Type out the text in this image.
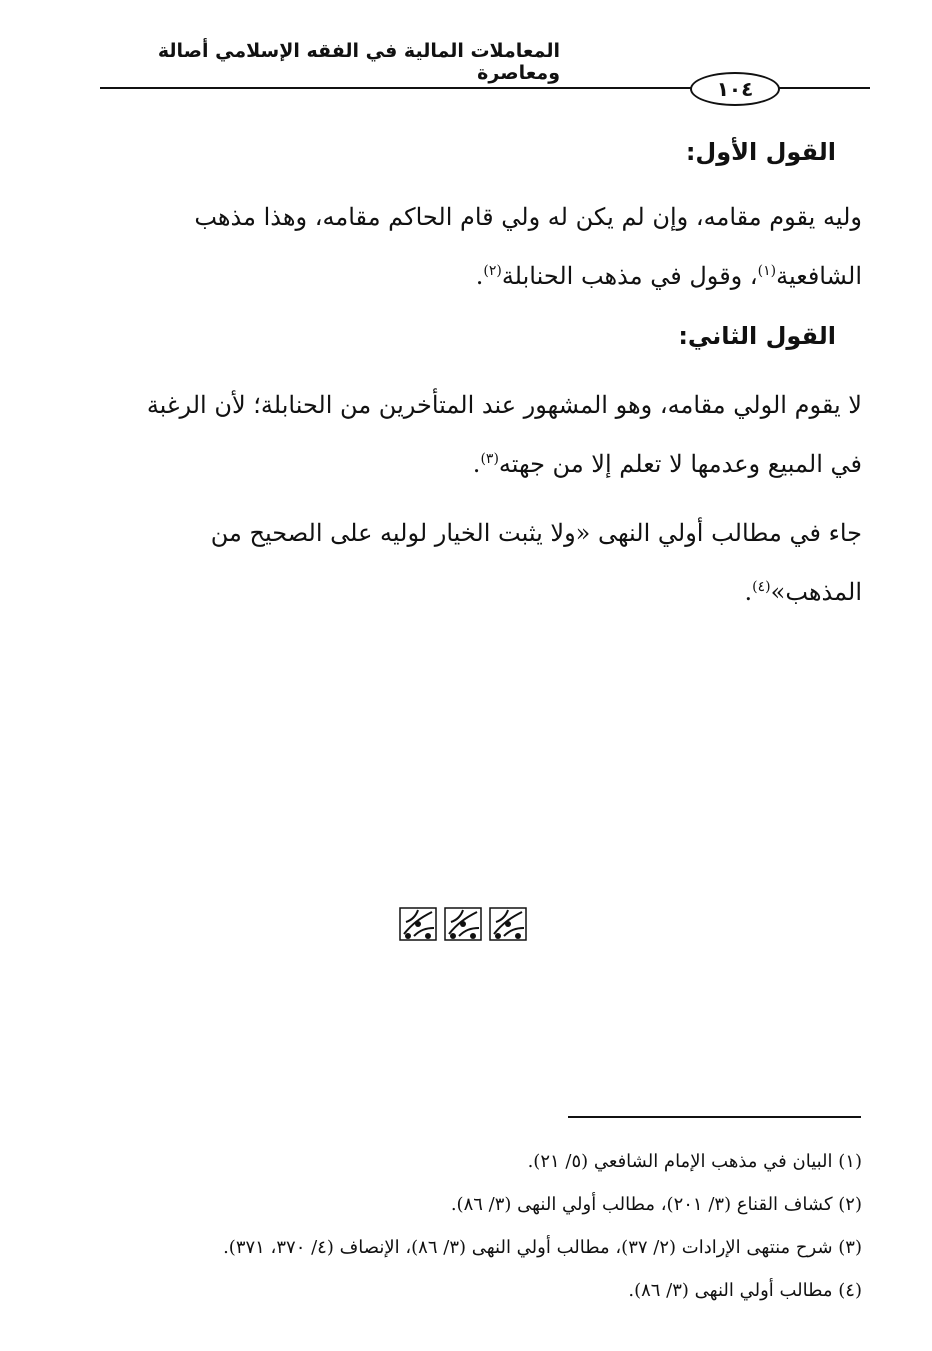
المعاملات المالية في الفقه الإسلامي أصالة ومعاصرة
١٠٤
القول الأول:
وليه يقوم مقامه، وإن لم يكن له ولي قام الحاكم مقامه، وهذا مذهب
الشافعية$^{(١)}$، وقول في مذهب الحنابلة$^{(٢)}$.
القول الثاني:
لا يقوم الولي مقامه، وهو المشهور عند المتأخرين من الحنابلة؛ لأن الرغبة
في المبيع وعدمها لا تعلم إلا من جهته$^{(٣)}$.
جاء في مطالب أولي النهى «ولا يثبت الخيار لوليه على الصحيح من
المذهب»$^{(٤)}$.
(١) البيان في مذهب الإمام الشافعي (٥/ ٢١).
(٢) كشاف القناع (٣/ ٢٠١)، مطالب أولي النهى (٣/ ٨٦).
(٣) شرح منتهى الإرادات (٢/ ٣٧)، مطالب أولي النهى (٣/ ٨٦)، الإنصاف (٤/ ٣٧٠، ٣٧١).
(٤) مطالب أولي النهى (٣/ ٨٦).
